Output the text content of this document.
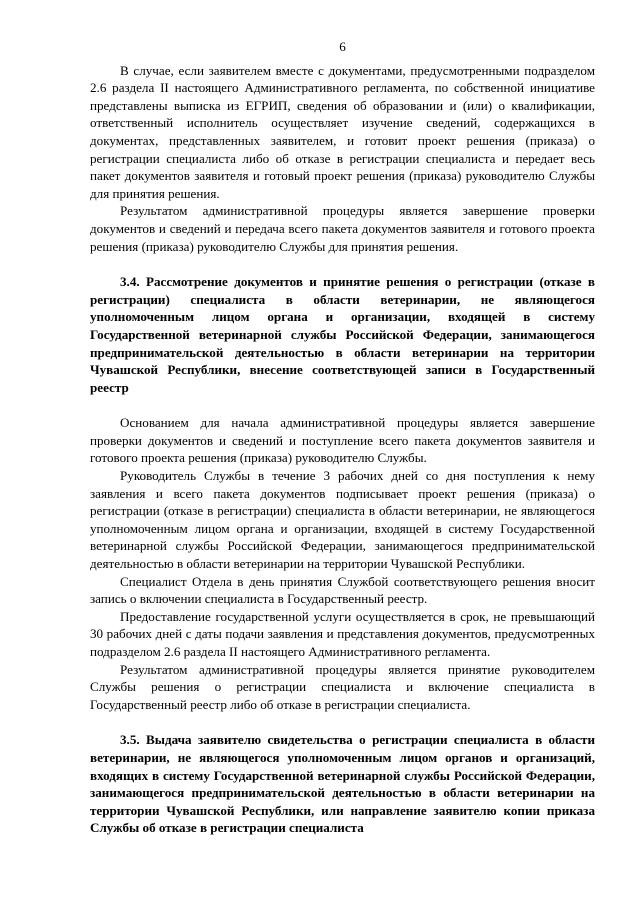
6

В случае, если заявителем вместе с документами, предусмотренными подразделом 2.6 раздела II настоящего Административного регламента, по собственной инициативе представлены выписка из ЕГРИП, сведения об образовании и (или) о квалификации, ответственный исполнитель осуществляет изучение сведений, содержащихся в документах, представленных заявителем, и готовит проект решения (приказа) о регистрации специалиста либо об отказе в регистрации специалиста и передает весь пакет документов заявителя и готовый проект решения (приказа) руководителю Службы для принятия решения.

Результатом административной процедуры является завершение проверки документов и сведений и передача всего пакета документов заявителя и готового проекта решения (приказа) руководителю Службы для принятия решения.

3.4. Рассмотрение документов и принятие решения о регистрации (отказе в регистрации) специалиста в области ветеринарии, не являющегося уполномоченным лицом органа и организации, входящей в систему Государственной ветеринарной службы Российской Федерации, занимающегося предпринимательской деятельностью в области ветеринарии на территории Чувашской Республики, внесение соответствующей записи в Государственный реестр

Основанием для начала административной процедуры является завершение проверки документов и сведений и поступление всего пакета документов заявителя и готового проекта решения (приказа) руководителю Службы.

Руководитель Службы в течение 3 рабочих дней со дня поступления к нему заявления и всего пакета документов подписывает проект решения (приказа) о регистрации (отказе в регистрации) специалиста в области ветеринарии, не являющегося уполномоченным лицом органа и организации, входящей в систему Государственной ветеринарной службы Российской Федерации, занимающегося предпринимательской деятельностью в области ветеринарии на территории Чувашской Республики.

Специалист Отдела в день принятия Службой соответствующего решения вносит запись о включении специалиста в Государственный реестр.

Предоставление государственной услуги осуществляется в срок, не превышающий 30 рабочих дней с даты подачи заявления и представления документов, предусмотренных подразделом 2.6 раздела II настоящего Административного регламента.

Результатом административной процедуры является принятие руководителем Службы решения о регистрации специалиста и включение специалиста в Государственный реестр либо об отказе в регистрации специалиста.

3.5. Выдача заявителю свидетельства о регистрации специалиста в области ветеринарии, не являющегося уполномоченным лицом органов и организаций, входящих в систему Государственной ветеринарной службы Российской Федерации, занимающегося предпринимательской деятельностью в области ветеринарии на территории Чувашской Республики, или направление заявителю копии приказа Службы об отказе в регистрации специалиста
